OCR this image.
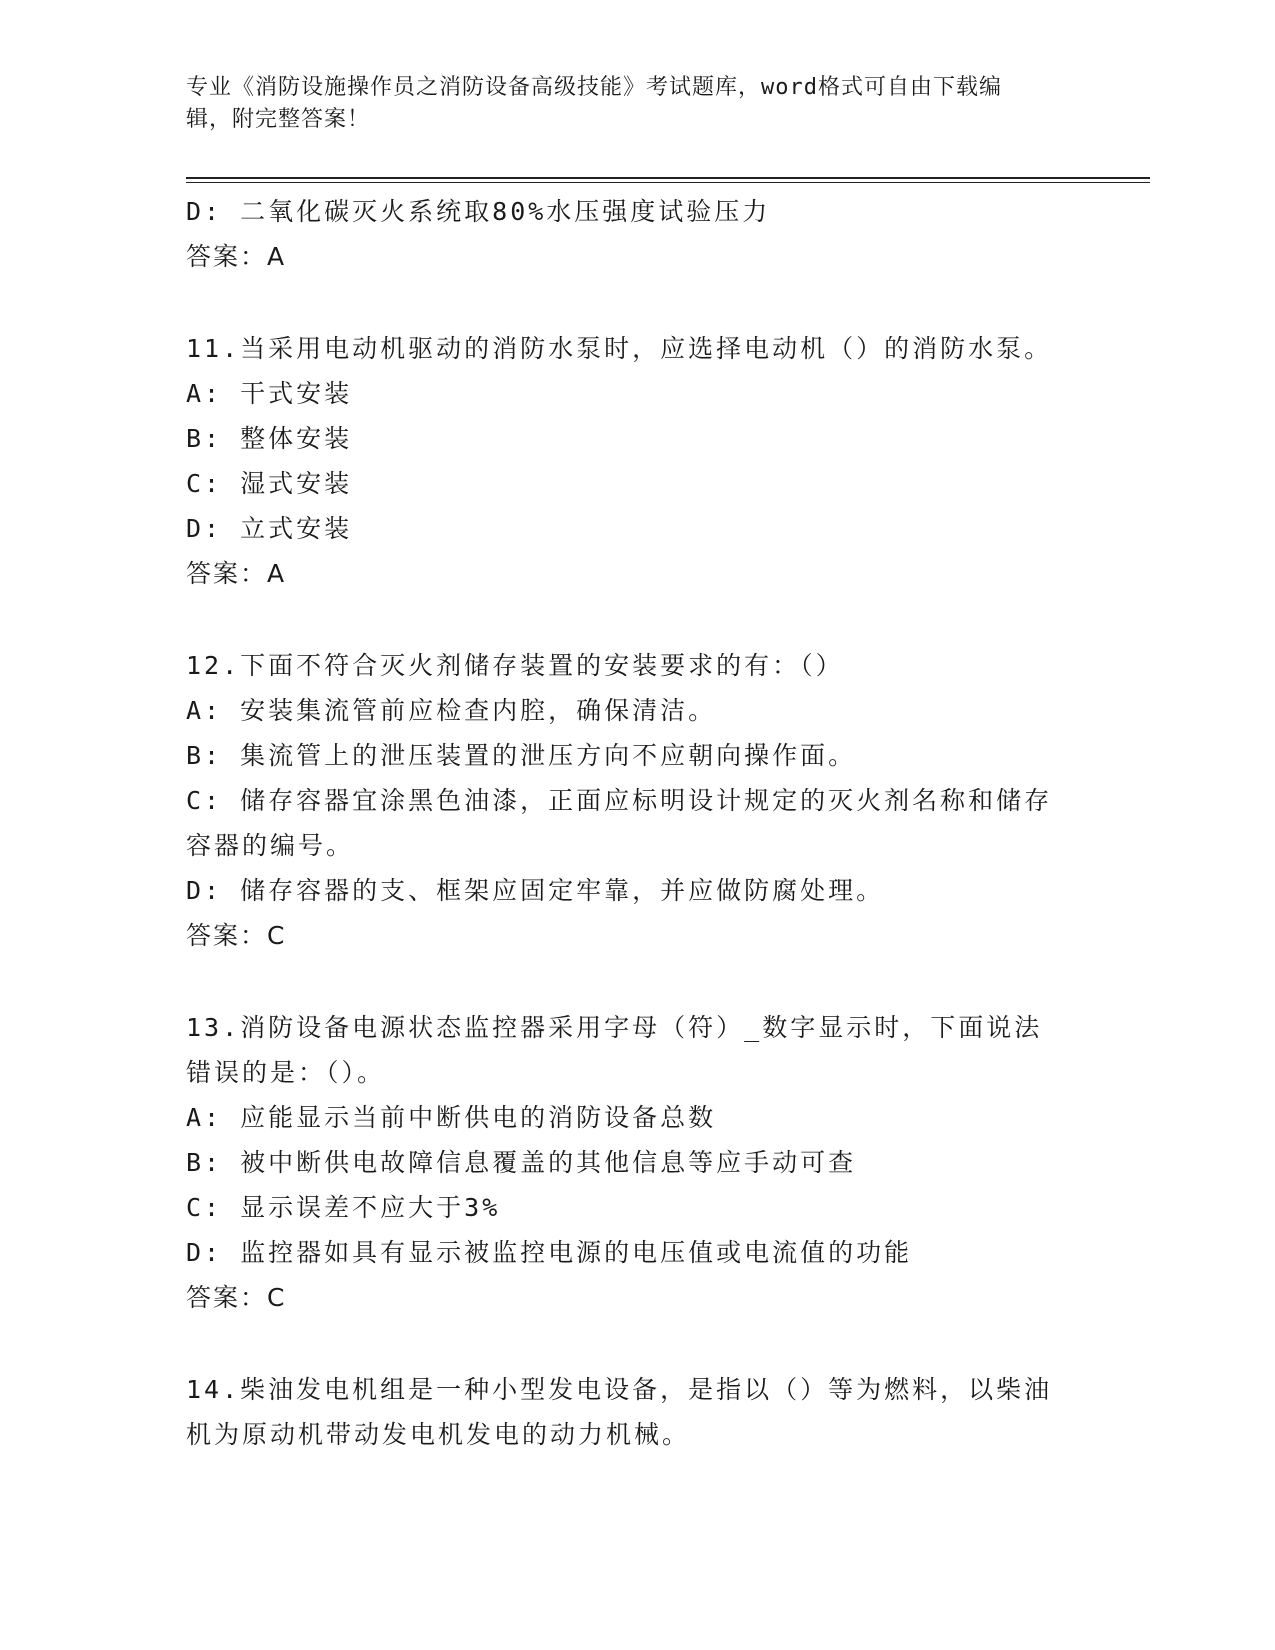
专业《消防设施操作员之消防设备高级技能》考试题库，word格式可自由下载编
辑，附完整答案！
D: 二氧化碳灭火系统取80%水压强度试验压力
答案：A
11.当采用电动机驱动的消防水泵时，应选择电动机（）的消防水泵。
A: 干式安装
B: 整体安装
C: 湿式安装
D: 立式安装
答案：A
12.下面不符合灭火剂储存装置的安装要求的有：（）
A: 安装集流管前应检查内腔，确保清洁。
B: 集流管上的泄压装置的泄压方向不应朝向操作面。
C: 储存容器宜涂黑色油漆，正面应标明设计规定的灭火剂名称和储存
容器的编号。
D: 储存容器的支、框架应固定牢靠，并应做防腐处理。
答案：C
13.消防设备电源状态监控器采用字母（符）_数字显示时，下面说法
错误的是：（）。
A: 应能显示当前中断供电的消防设备总数
B: 被中断供电故障信息覆盖的其他信息等应手动可查
C: 显示误差不应大于3%
D: 监控器如具有显示被监控电源的电压值或电流值的功能
答案：C
14.柴油发电机组是一种小型发电设备，是指以（）等为燃料，以柴油
机为原动机带动发电机发电的动力机械。
